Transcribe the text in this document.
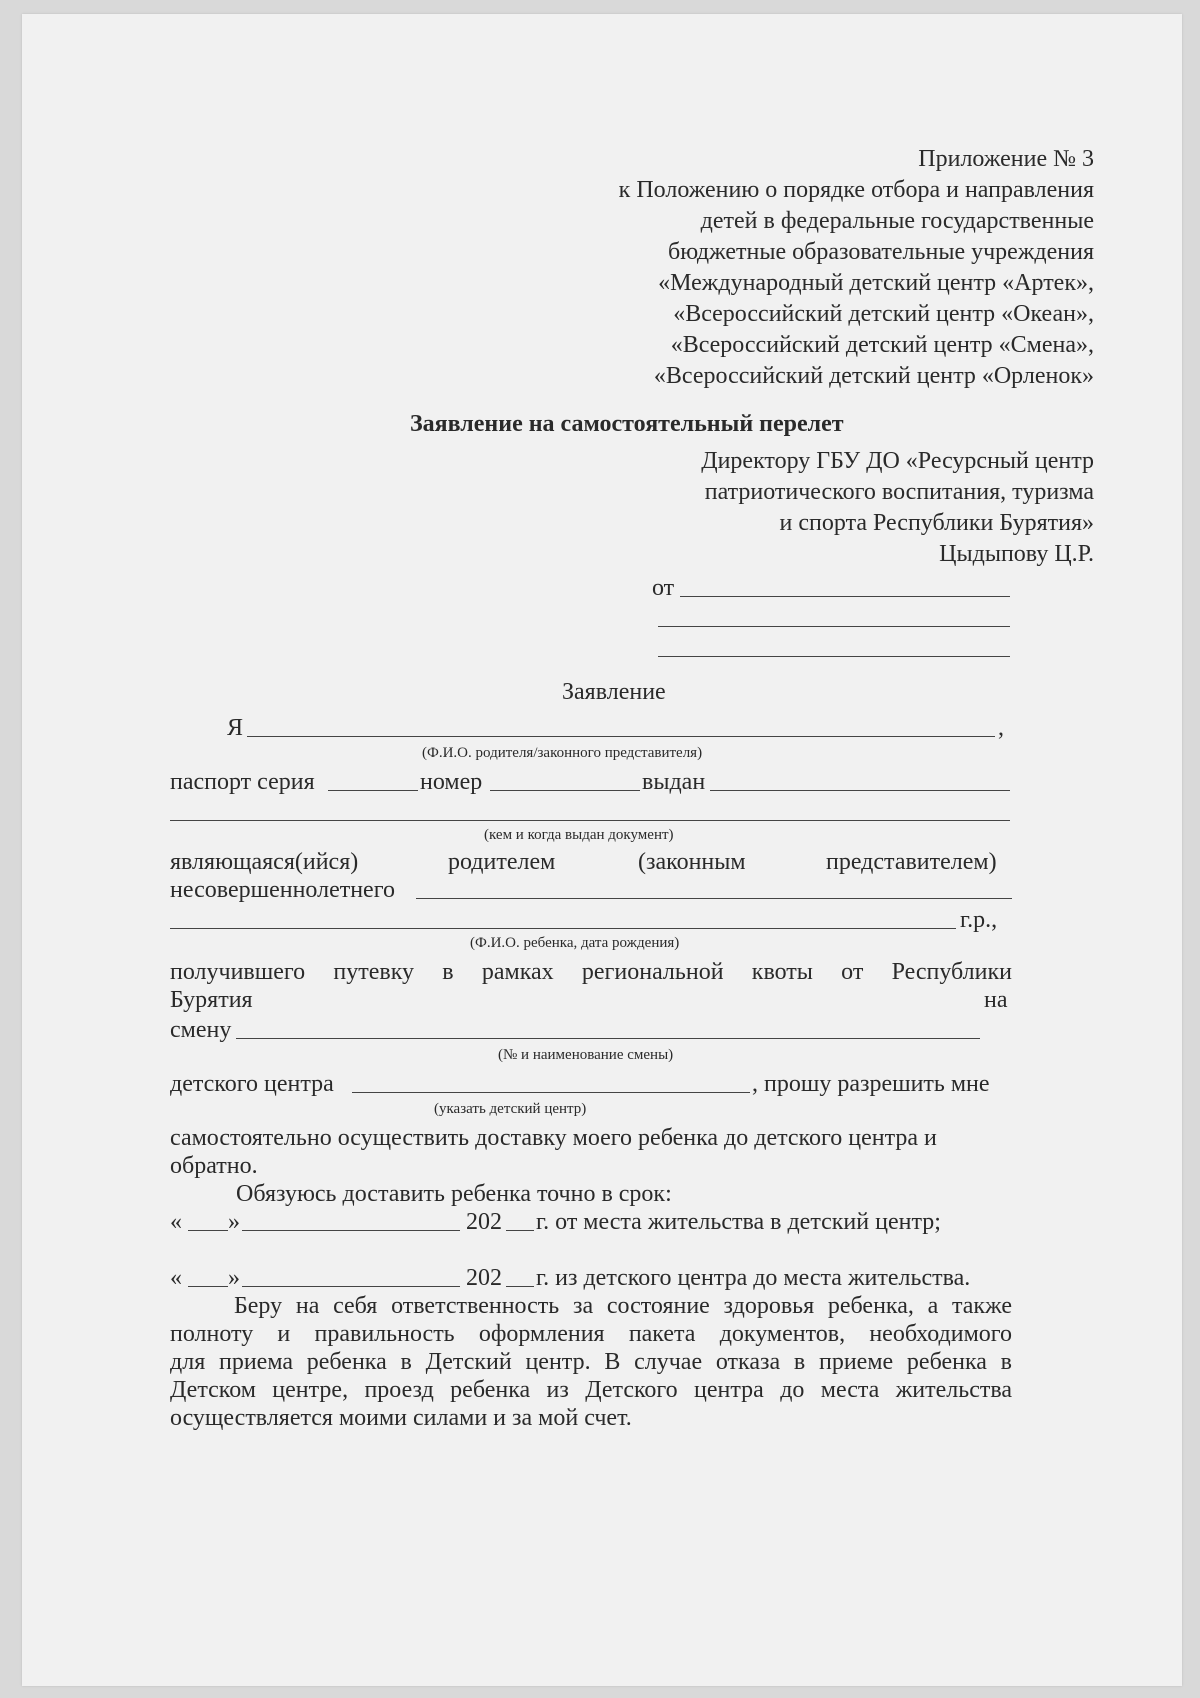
Приложение № 3
к Положению о порядке отбора и направления
детей в федеральные государственные
бюджетные образовательные учреждения
«Международный детский центр «Артек»,
«Всероссийский детский центр «Океан»,
«Всероссийский детский центр «Смена»,
«Всероссийский детский центр «Орленок»
Заявление на самостоятельный перелет
Директору ГБУ ДО «Ресурсный центр
патриотического воспитания, туризма
и спорта Республики Бурятия»
Цыдыпову Ц.Р.
от
Заявление
Я	,
(Ф.И.О. родителя/законного представителя)
паспорт серия	номер	выдан
(кем и когда выдан документ)
являющаяся(ийся)	родителем	(законным	представителем)
несовершеннолетнего
г.р.,
(Ф.И.О. ребенка, дата рождения)
получившего путевку в рамках региональной квоты от Республики
Бурятия	на
смену
(№ и наименование смены)
детского центра	, прошу разрешить мне
(указать детский центр)
самостоятельно осуществить доставку моего ребенка до детского центра и
обратно.
Обязуюсь доставить ребенка точно в срок:
« »	202 г. от места жительства в детский центр;
« »	202 г. из детского центра до места жительства.
Беру на себя ответственность за состояние здоровья ребенка, а также
полноту и правильность оформления пакета документов, необходимого
для приема ребенка в Детский центр. В случае отказа в приеме ребенка в
Детском центре, проезд ребенка из Детского центра до места жительства
осуществляется моими силами и за мой счет.
